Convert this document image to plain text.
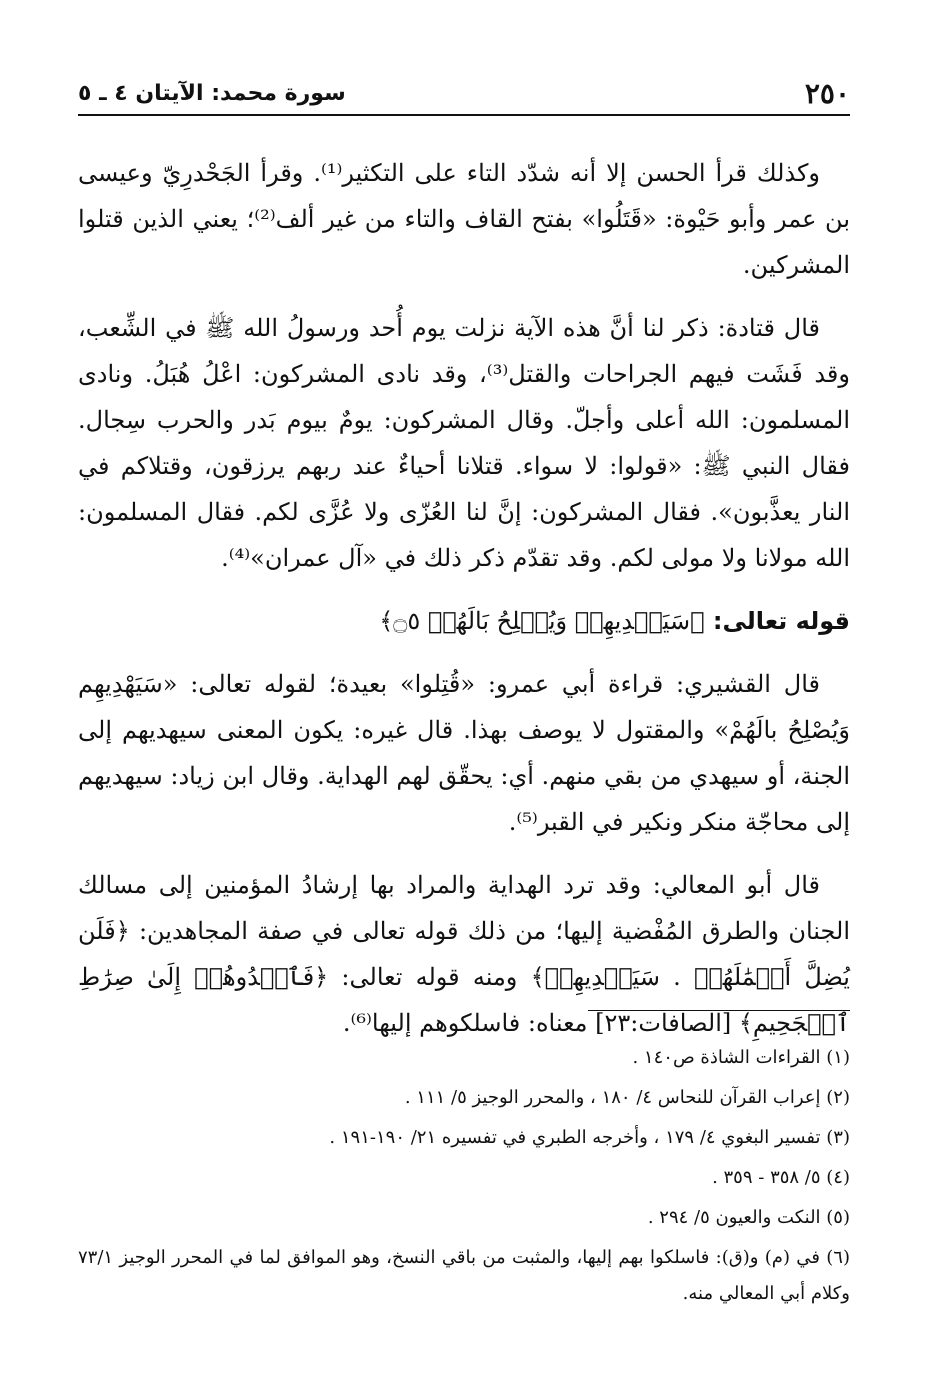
٢٥٠
سورة محمد: الآيتان ٤ ـ ٥

وكذلك قرأ الحسن إلا أنه شدّد التاء على التكثير⁽¹⁾. وقرأ الجَحْدرِيّ وعيسى بن عمر وأبو حَيْوة: «قَتَلُوا» بفتح القاف والتاء من غير ألف⁽²⁾؛ يعني الذين قتلوا المشركين.

قال قتادة: ذكر لنا أنَّ هذه الآية نزلت يوم أُحد ورسولُ الله ﷺ في الشِّعب، وقد فَشَت فيهم الجراحات والقتل⁽³⁾، وقد نادى المشركون: اعْلُ هُبَلُ. ونادى المسلمون: الله أعلى وأجلّ. وقال المشركون: يومٌ بيوم بَدر والحرب سِجال. فقال النبي ﷺ: «قولوا: لا سواء. قتلانا أحياءٌ عند ربهم يرزقون، وقتلاكم في النار يعذَّبون». فقال المشركون: إنَّ لنا العُزّى ولا عُزَّى لكم. فقال المسلمون: الله مولانا ولا مولى لكم. وقد تقدّم ذكر ذلك في «آل عمران»⁽⁴⁾.

قوله تعالى: ﴿سَيَهۡدِيهِمۡ وَيُصۡلِحُ بَالَهُمۡ ۝٥﴾

قال القشيري: قراءة أبي عمرو: «قُتِلوا» بعيدة؛ لقوله تعالى: «سَيَهْدِيهِم وَيُصْلِحُ بالَهُمْ» والمقتول لا يوصف بهذا. قال غيره: يكون المعنى سيهديهم إلى الجنة، أو سيهدي من بقي منهم. أي: يحقّق لهم الهداية. وقال ابن زياد: سيهديهم إلى محاجّة منكر ونكير في القبر⁽⁵⁾.

قال أبو المعالي: وقد ترد الهداية والمراد بها إرشادُ المؤمنين إلى مسالك الجنان والطرق المُفْضية إليها؛ من ذلك قوله تعالى في صفة المجاهدين: ﴿فَلَن يُضِلَّ أَعۡمَٰلَهُمۡ . سَيَهۡدِيهِمۡ﴾ ومنه قوله تعالى: ﴿فَٱهۡدُوهُمۡ إِلَىٰ صِرَٰطِ ٱلۡجَحِيمِ﴾ [الصافات:٢٣] معناه: فاسلكوهم إليها⁽⁶⁾.

(١) القراءات الشاذة ص١٤٠ .
(٢) إعراب القرآن للنحاس ٤/ ١٨٠ ، والمحرر الوجيز ٥/ ١١١ .
(٣) تفسير البغوي ٤/ ١٧٩ ، وأخرجه الطبري في تفسيره ٢١/ ١٩٠-١٩١ .
(٤) ٥/ ٣٥٨ - ٣٥٩ .
(٥) النكت والعيون ٥/ ٢٩٤ .
(٦) في (م) و(ق): فاسلكوا بهم إليها، والمثبت من باقي النسخ، وهو الموافق لما في المحرر الوجيز ٧٣/١ وكلام أبي المعالي منه.
